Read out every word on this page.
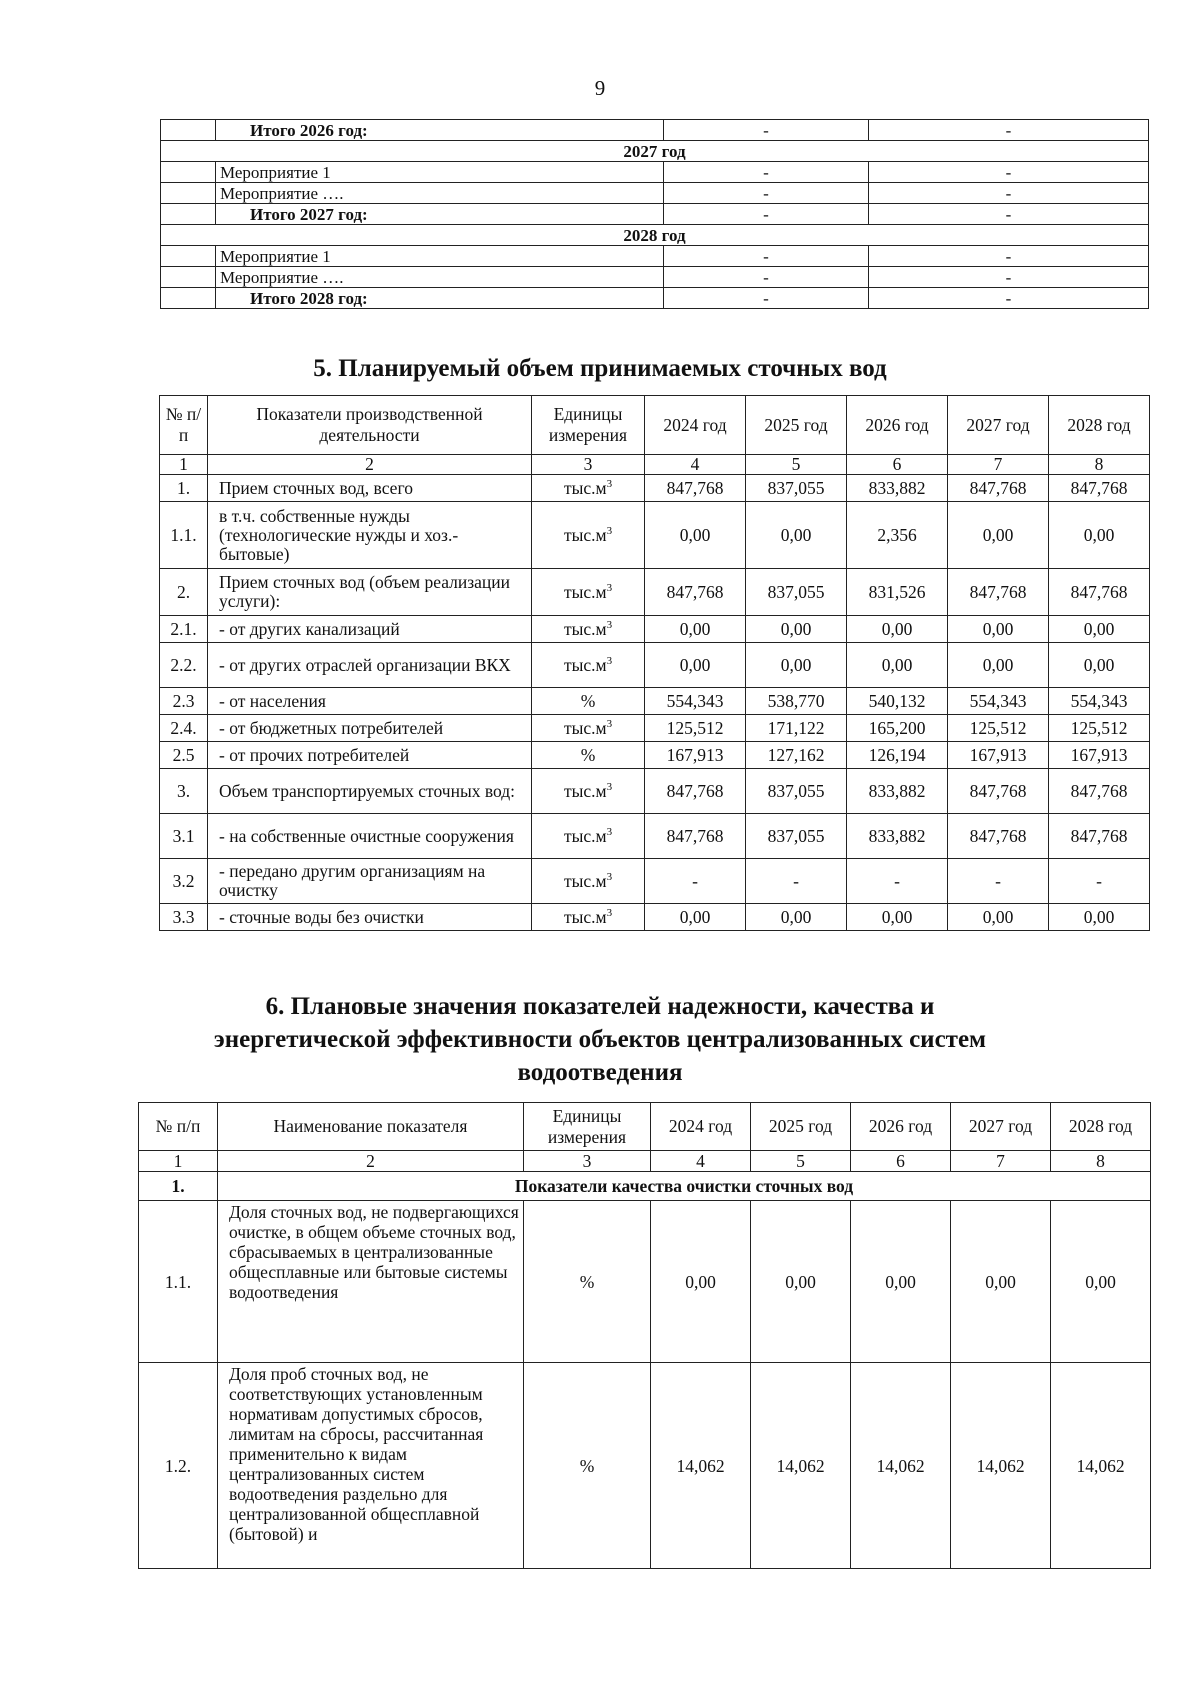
9
	Итого 2026 год:	-	-
2027 год			
	Мероприятие 1	-	-
	Мероприятие ….	-	-
	Итого 2027 год:	-	-
2028 год			
	Мероприятие 1	-	-
	Мероприятие ….	-	-
	Итого 2028 год:	-	-
5. Планируемый объем принимаемых сточных вод
№ п/п	Показатели производственной деятельности	Единицы измерения	2024 год	2025 год	2026 год	2027 год	2028 год
1	2	3	4	5	6	7	8
1.	Прием сточных вод, всего	$тыс.м^3$	847,768	837,055	833,882	847,768	847,768
1.1.	в т.ч. собственные нужды (технологические нужды и хоз.-бытовые)	$тыс.м^3$	0,00	0,00	2,356	0,00	0,00
2.	Прием сточных вод (объем реализации услуги):	$тыс.м^3$	847,768	837,055	831,526	847,768	847,768
2.1.	- от других канализаций	$тыс.м^3$	0,00	0,00	0,00	0,00	0,00
2.2.	- от других отраслей организации ВКХ	$тыс.м^3$	0,00	0,00	0,00	0,00	0,00
2.3	- от населения	%	554,343	538,770	540,132	554,343	554,343
2.4.	- от бюджетных потребителей	$тыс.м^3$	125,512	171,122	165,200	125,512	125,512
2.5	- от прочих потребителей	%	167,913	127,162	126,194	167,913	167,913
3.	Объем транспортируемых сточных вод:	$тыс.м^3$	847,768	837,055	833,882	847,768	847,768
3.1	- на собственные очистные сооружения	$тыс.м^3$	847,768	837,055	833,882	847,768	847,768
3.2	- передано другим организациям на очистку	$тыс.м^3$	-	-	-	-	-
3.3	- сточные воды без очистки	$тыс.м^3$	0,00	0,00	0,00	0,00	0,00
6. Плановые значения показателей надежности, качества и
энергетической эффективности объектов централизованных систем
водоотведения
№ п/п	Наименование показателя	Единицы измерения	2024 год	2025 год	2026 год	2027 год	2028 год
1	2	3	4	5	6	7	8
1.	Показатели качества очистки сточных вод						
1.1.	Доля сточных вод, не подвергающихся очистке, в общем объеме сточных вод, сбрасываемых в централизованные общесплавные или бытовые системы водоотведения	%	0,00	0,00	0,00	0,00	0,00
1.2.	Доля проб сточных вод, не соответствующих установленным нормативам допустимых сбросов, лимитам на сбросы, рассчитанная применительно к видам централизованных систем водоотведения раздельно для централизованной общесплавной (бытовой) и	%	14,062	14,062	14,062	14,062	14,062
